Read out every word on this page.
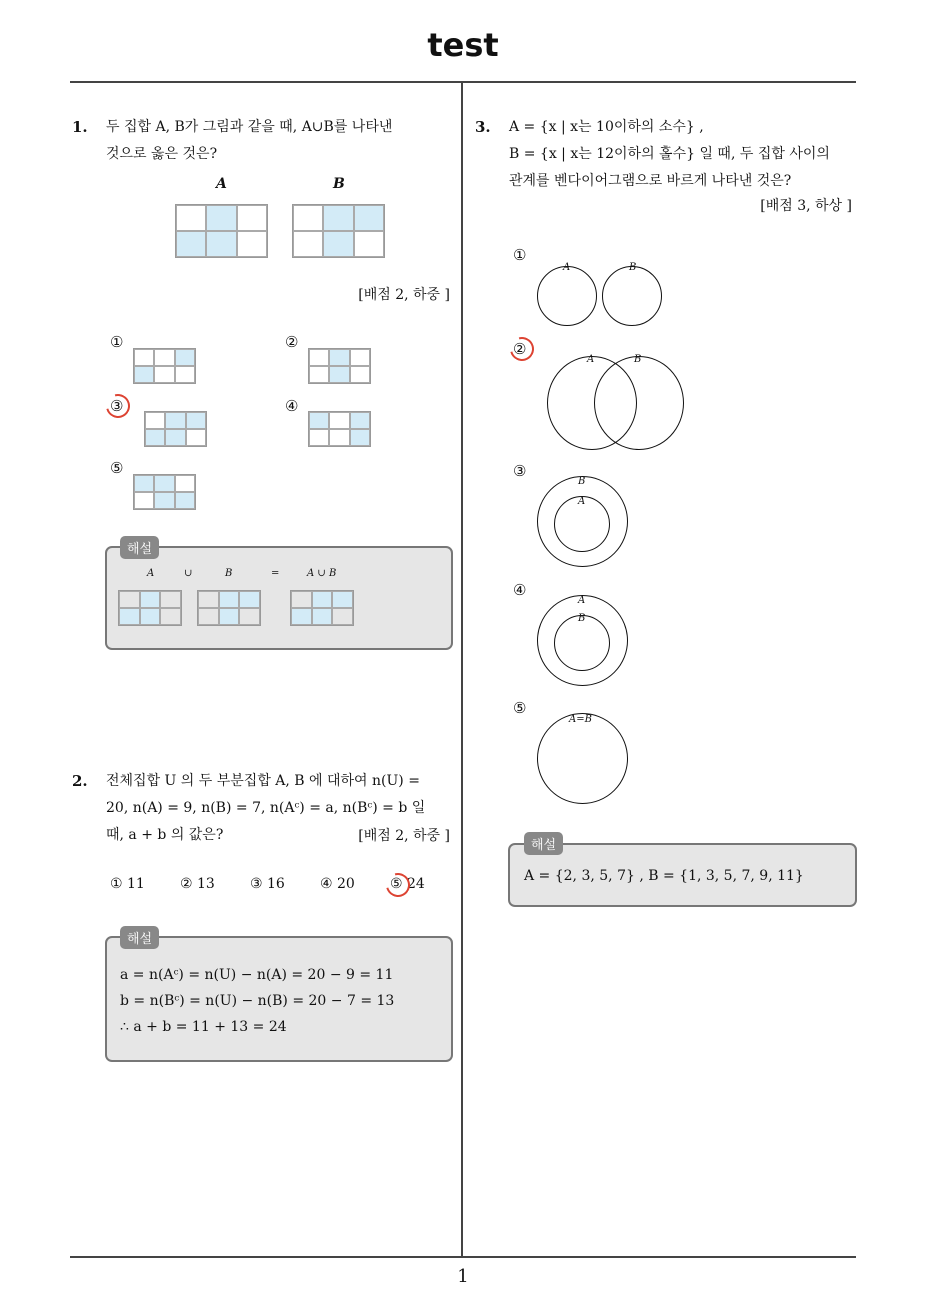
test
1. 두 집합 A, B가 그림과 같을 때, A∪B를 나타낸
것으로 옳은 것은?
A	B
[배점 2, 하중 ]
①	②
③	④
⑤
A	∪	B	=	A ∪ B
해설
2. 전체집합 U 의 두 부분집합 A, B 에 대하여 n(U) =
20, n(A) = 9, n(B) = 7, n(Aᶜ) = a, n(Bᶜ) = b 일
때, a + b 의 값은?	[배점 2, 하중 ]
① 11	② 13	③ 16	④ 20	⑤ 24
a = n(Aᶜ) = n(U) − n(A) = 20 − 9 = 11
b = n(Bᶜ) = n(U) − n(B) = 20 − 7 = 13
∴ a + b = 11 + 13 = 24
해설
3. A = {x | x는 10이하의 소수} ,
B = {x | x는 12이하의 홀수} 일 때, 두 집합 사이의
관계를 벤다이어그램으로 바르게 나타낸 것은?
[배점 3, 하상 ]
①
A	B
②
A	B
③
B
A
④
A
B
⑤
A=B
A = {2, 3, 5, 7} , B = {1, 3, 5, 7, 9, 11}
해설
1
